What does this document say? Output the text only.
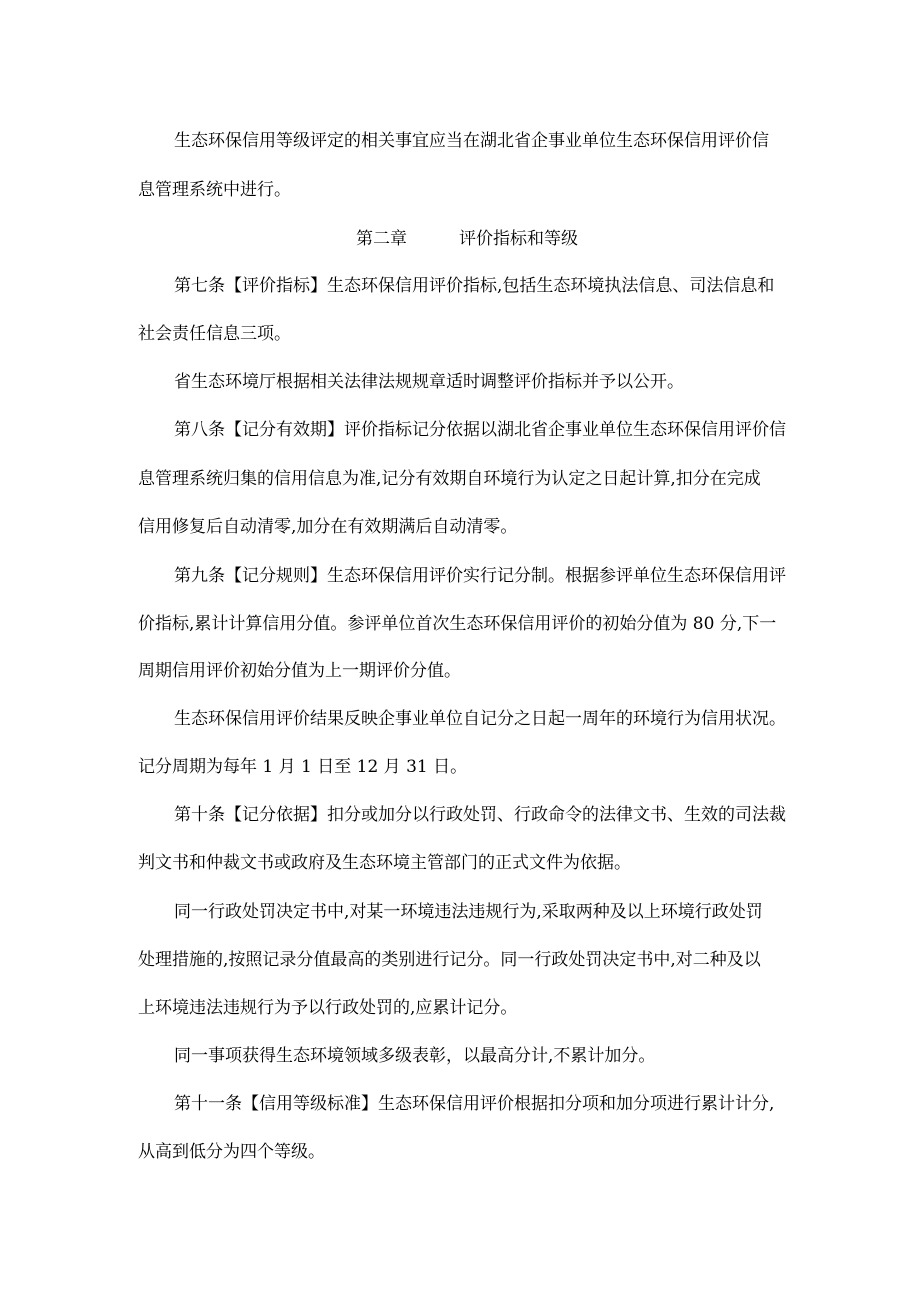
生态环保信用等级评定的相关事宜应当在湖北省企事业单位生态环保信用评价信
息管理系统中进行。
第二章	评价指标和等级
第七条【评价指标】生态环保信用评价指标,包括生态环境执法信息、司法信息和
社会责任信息三项。
省生态环境厅根据相关法律法规规章适时调整评价指标并予以公开。
第八条【记分有效期】评价指标记分依据以湖北省企事业单位生态环保信用评价信
息管理系统归集的信用信息为准,记分有效期自环境行为认定之日起计算,扣分在完成
信用修复后自动清零,加分在有效期满后自动清零。
第九条【记分规则】生态环保信用评价实行记分制。根据参评单位生态环保信用评
价指标,累计计算信用分值。参评单位首次生态环保信用评价的初始分值为 80 分,下一
周期信用评价初始分值为上一期评价分值。
生态环保信用评价结果反映企事业单位自记分之日起一周年的环境行为信用状况。
记分周期为每年 1 月 1 日至 12 月 31 日。
第十条【记分依据】扣分或加分以行政处罚、行政命令的法律文书、生效的司法裁
判文书和仲裁文书或政府及生态环境主管部门的正式文件为依据。
同一行政处罚决定书中,对某一环境违法违规行为,采取两种及以上环境行政处罚
处理措施的,按照记录分值最高的类别进行记分。同一行政处罚决定书中,对二种及以
上环境违法违规行为予以行政处罚的,应累计记分。
同一事项获得生态环境领域多级表彰，以最高分计,不累计加分。
第十一条【信用等级标准】生态环保信用评价根据扣分项和加分项进行累计计分,
从高到低分为四个等级。
